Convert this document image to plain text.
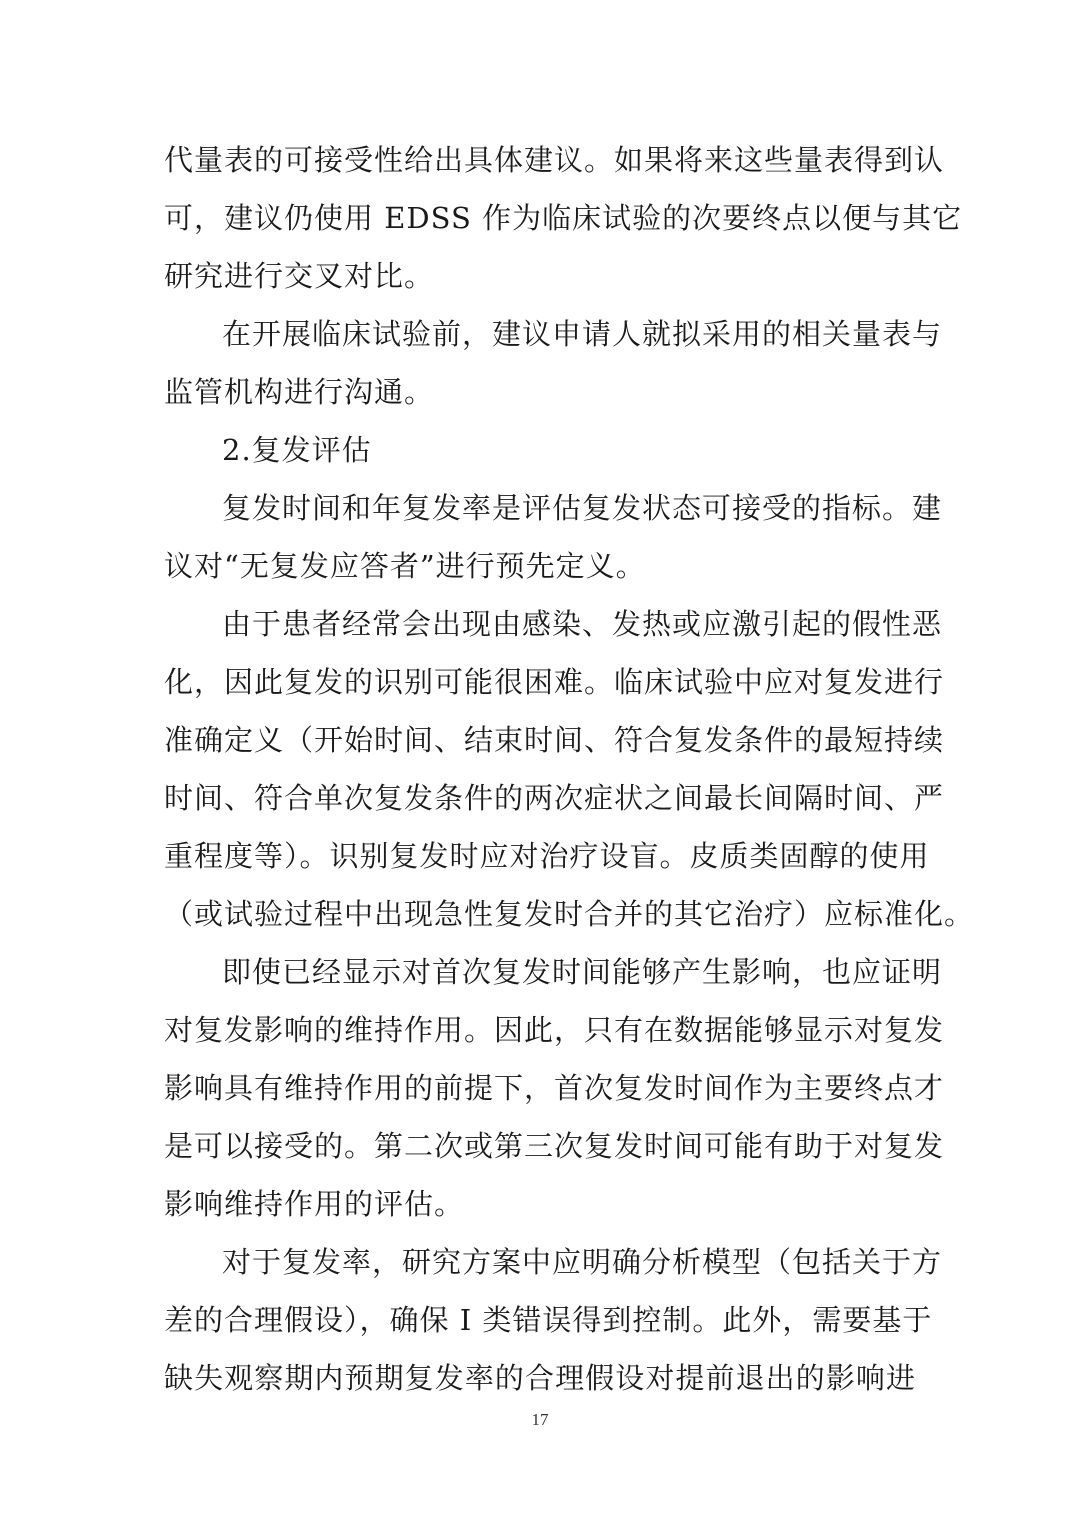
代量表的可接受性给出具体建议。如果将来这些量表得到认
可，建议仍使用 EDSS 作为临床试验的次要终点以便与其它
研究进行交叉对比。
在开展临床试验前，建议申请人就拟采用的相关量表与
监管机构进行沟通。
2.复发评估
复发时间和年复发率是评估复发状态可接受的指标。建
议对“无复发应答者”进行预先定义。
由于患者经常会出现由感染、发热或应激引起的假性恶
化，因此复发的识别可能很困难。临床试验中应对复发进行
准确定义（开始时间、结束时间、符合复发条件的最短持续
时间、符合单次复发条件的两次症状之间最长间隔时间、严
重程度等）。识别复发时应对治疗设盲。皮质类固醇的使用
（或试验过程中出现急性复发时合并的其它治疗）应标准化。
即使已经显示对首次复发时间能够产生影响，也应证明
对复发影响的维持作用。因此，只有在数据能够显示对复发
影响具有维持作用的前提下，首次复发时间作为主要终点才
是可以接受的。第二次或第三次复发时间可能有助于对复发
影响维持作用的评估。
对于复发率，研究方案中应明确分析模型（包括关于方
差的合理假设），确保 I 类错误得到控制。此外，需要基于
缺失观察期内预期复发率的合理假设对提前退出的影响进
17
